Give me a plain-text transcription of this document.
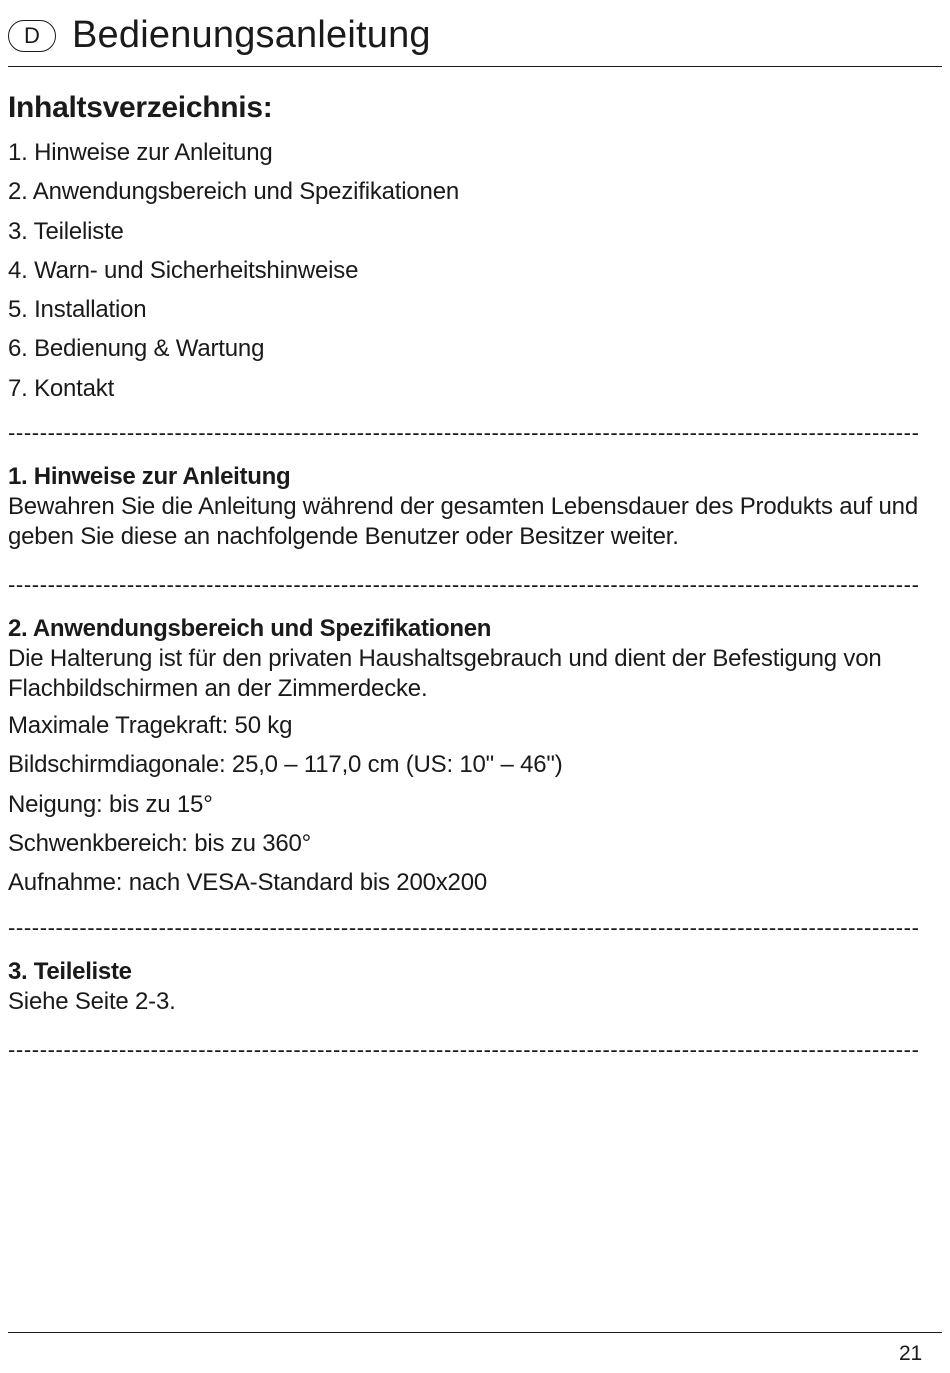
D Bedienungsanleitung
Inhaltsverzeichnis:
1. Hinweise zur Anleitung
2. Anwendungsbereich und Spezifikationen
3. Teileliste
4. Warn- und Sicherheitshinweise
5. Installation
6. Bedienung & Wartung
7. Kontakt
-------------------------------------------------------------------------------------------------------------------
1. Hinweise zur Anleitung
Bewahren Sie die Anleitung während der gesamten Lebensdauer des Produkts auf und geben Sie diese an nachfolgende Benutzer oder Besitzer weiter.
-------------------------------------------------------------------------------------------------------------------
2. Anwendungsbereich und Spezifikationen
Die Halterung ist für den privaten Haushaltsgebrauch und dient der Befestigung von Flachbildschirmen an der Zimmerdecke.
Maximale Tragekraft: 50 kg
Bildschirmdiagonale: 25,0 – 117,0 cm (US: 10" – 46")
Neigung: bis zu 15°
Schwenkbereich: bis zu 360°
Aufnahme: nach VESA-Standard bis 200x200
-------------------------------------------------------------------------------------------------------------------
3. Teileliste
Siehe Seite 2-3.
-------------------------------------------------------------------------------------------------------------------
21
